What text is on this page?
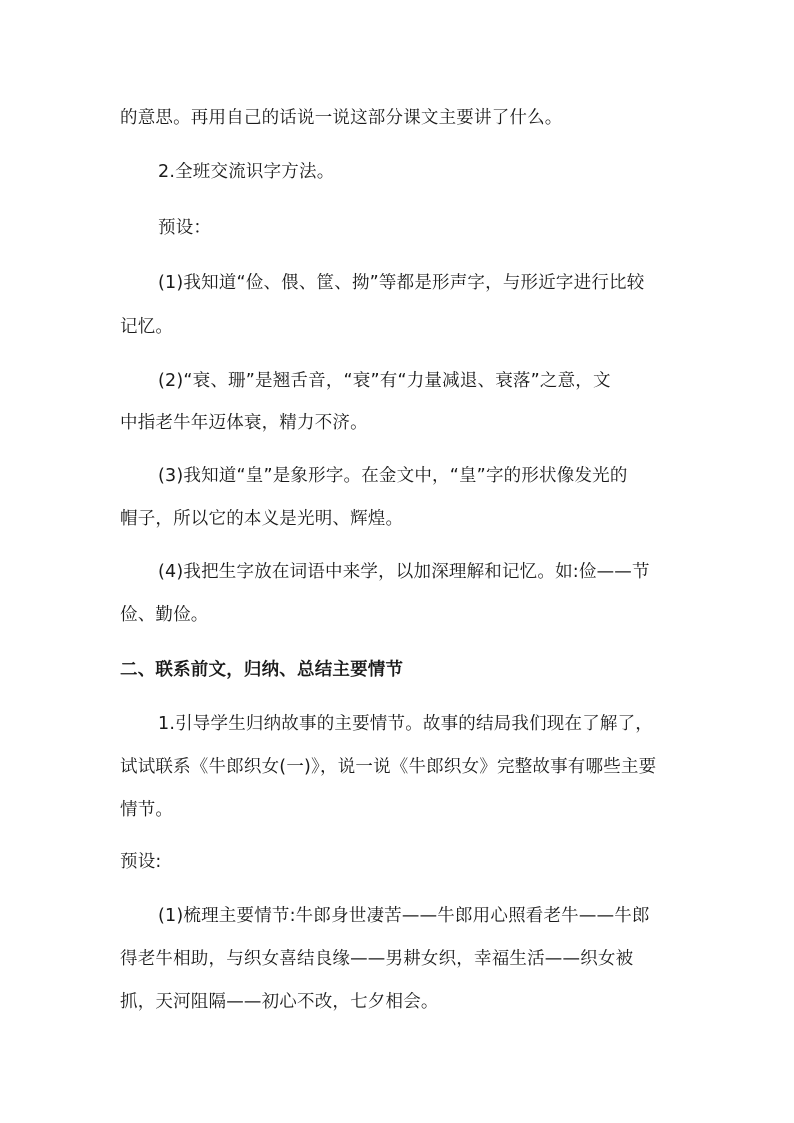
的意思。再用自己的话说一说这部分课文主要讲了什么。
2.全班交流识字方法。
预设：
(1)我知道“俭、偎、筐、拗”等都是形声字，与形近字进行比较
记忆。
(2)“衰、珊”是翘舌音，“衰”有“力量减退、衰落”之意，文
中指老牛年迈体衰，精力不济。
(3)我知道“皇”是象形字。在金文中，“皇”字的形状像发光的
帽子，所以它的本义是光明、辉煌。
(4)我把生字放在词语中来学，以加深理解和记忆。如:俭——节
俭、勤俭。
二、联系前文，归纳、总结主要情节
1.引导学生归纳故事的主要情节。故事的结局我们现在了解了，
试试联系《牛郎织女(一)》，说一说《牛郎织女》完整故事有哪些主要
情节。
预设:
(1)梳理主要情节:牛郎身世凄苦——牛郎用心照看老牛——牛郎
得老牛相助，与织女喜结良缘——男耕女织，幸福生活——织女被
抓，天河阻隔——初心不改，七夕相会。
